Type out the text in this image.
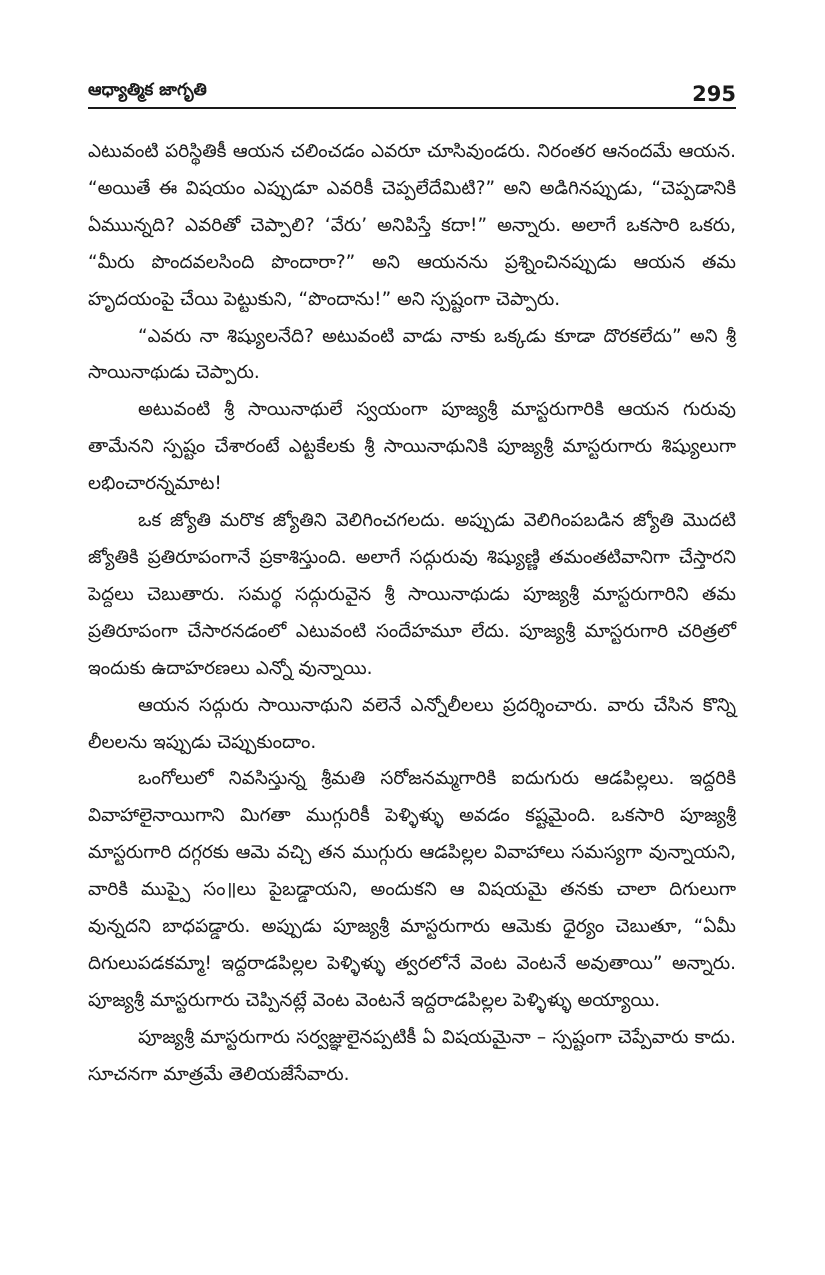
ఆధ్యాత్మిక జాగృతి	295

ఎటువంటి పరిస్థితికీ ఆయన చలించడం ఎవరూ చూసివుండరు. నిరంతర ఆనందమే ఆయన. “అయితే ఈ విషయం ఎప్పుడూ ఎవరికీ చెప్పలేదేమిటి?” అని అడిగినప్పుడు, “చెప్పడానికి ఏముున్నది? ఎవరితో చెప్పాలి? ‘వేరు’ అనిపిస్తే కదా!” అన్నారు. అలాగే ఒకసారి ఒకరు, “మీరు పొందవలసింది పొందారా?” అని ఆయనను ప్రశ్నించినప్పుడు ఆయన తమ హృదయంపై చేయి పెట్టుకుని, “పొందాను!” అని స్పష్టంగా చెప్పారు.

“ఎవరు నా శిష్యులనేది? అటువంటి వాడు నాకు ఒక్కడు కూడా దొరకలేదు” అని శ్రీ సాయినాథుడు చెప్పారు.

అటువంటి శ్రీ సాయినాథులే స్వయంగా పూజ్యశ్రీ మాస్టరుగారికి ఆయన గురువు తామేనని స్పష్టం చేశారంటే ఎట్టకేలకు శ్రీ సాయినాథునికి పూజ్యశ్రీ మాస్టరుగారు శిష్యులుగా లభించారన్నమాట!

ఒక జ్యోతి మరొక జ్యోతిని వెలిగించగలదు. అప్పుడు వెలిగింపబడిన జ్యోతి మొదటి జ్యోతికి ప్రతిరూపంగానే ప్రకాశిస్తుంది. అలాగే సద్గురువు శిష్యుణ్ణి తమంతటివానిగా చేస్తారని పెద్దలు చెబుతారు. సమర్థ సద్గురువైన శ్రీ సాయినాథుడు పూజ్యశ్రీ మాస్టరుగారిని తమ ప్రతిరూపంగా చేసారనడంలో ఎటువంటి సందేహమూ లేదు. పూజ్యశ్రీ మాస్టరుగారి చరిత్రలో ఇందుకు ఉదాహరణలు ఎన్నో వున్నాయి.

ఆయన సద్గురు సాయినాథుని వలెనే ఎన్నోలీలలు ప్రదర్శించారు. వారు చేసిన కొన్ని లీలలను ఇప్పుడు చెప్పుకుందాం.

ఒంగోలులో నివసిస్తున్న శ్రీమతి సరోజనమ్మగారికి ఐదుగురు ఆడపిల్లలు. ఇద్దరికి వివాహాలైనాయిగాని మిగతా ముగ్గురికీ పెళ్ళిళ్ళు అవడం కష్టమైంది. ఒకసారి పూజ్యశ్రీ మాస్టరుగారి దగ్గరకు ఆమె వచ్చి తన ముగ్గురు ఆడపిల్లల వివాహాలు సమస్యగా వున్నాయని, వారికి ముప్పై సం॥లు పైబడ్డాయని, అందుకని ఆ విషయమై తనకు చాలా దిగులుగా వున్నదని బాధపడ్డారు. అప్పుడు పూజ్యశ్రీ మాస్టరుగారు ఆమెకు ధైర్యం చెబుతూ, “ఏమీ దిగులుపడకమ్మా! ఇద్దరాడపిల్లల పెళ్ళిళ్ళు త్వరలోనే వెంట వెంటనే అవుతాయి” అన్నారు. పూజ్యశ్రీ మాస్టరుగారు చెప్పినట్లే వెంట వెంటనే ఇద్దరాడపిల్లల పెళ్ళిళ్ళు అయ్యాయి.

పూజ్యశ్రీ మాస్టరుగారు సర్వజ్ఞులైనప్పటికీ ఏ విషయమైనా – స్పష్టంగా చెప్పేవారు కాదు. సూచనగా మాత్రమే తెలియజేసేవారు.
